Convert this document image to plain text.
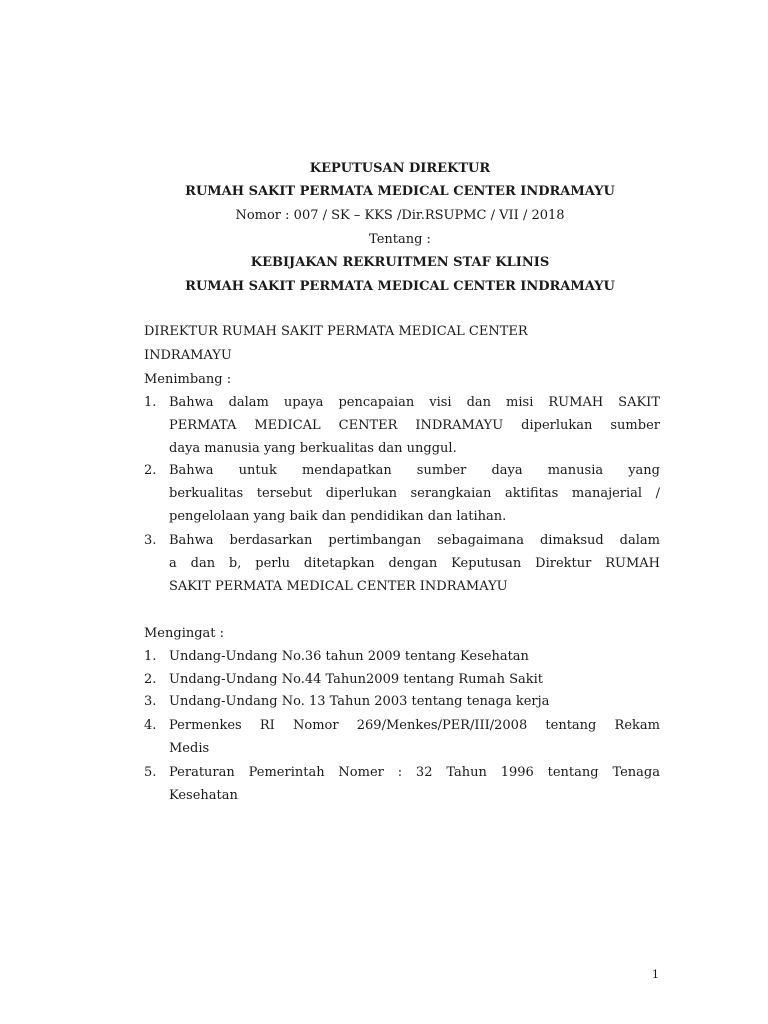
KEPUTUSAN DIREKTUR
RUMAH SAKIT PERMATA MEDICAL CENTER INDRAMAYU
Nomor : 007 / SK – KKS /Dir.RSUPMC / VII / 2018
Tentang :
KEBIJAKAN REKRUITMEN STAF KLINIS
RUMAH SAKIT PERMATA MEDICAL CENTER INDRAMAYU
DIREKTUR RUMAH SAKIT PERMATA MEDICAL CENTER
INDRAMAYU
Menimbang :
1. Bahwa dalam upaya pencapaian visi dan misi RUMAH SAKIT
PERMATA MEDICAL CENTER INDRAMAYU diperlukan sumber
daya manusia yang berkualitas dan unggul.
2. Bahwa untuk mendapatkan sumber daya manusia yang
berkualitas tersebut diperlukan serangkaian aktifitas manajerial /
pengelolaan yang baik dan pendidikan dan latihan.
3. Bahwa berdasarkan pertimbangan sebagaimana dimaksud dalam
a dan b, perlu ditetapkan dengan Keputusan Direktur RUMAH
SAKIT PERMATA MEDICAL CENTER INDRAMAYU
Mengingat :
1. Undang-Undang No.36 tahun 2009 tentang Kesehatan
2. Undang-Undang No.44 Tahun2009 tentang Rumah Sakit
3. Undang-Undang No. 13 Tahun 2003 tentang tenaga kerja
4. Permenkes RI Nomor 269/Menkes/PER/III/2008 tentang Rekam
Medis
5. Peraturan Pemerintah Nomer : 32 Tahun 1996 tentang Tenaga
Kesehatan
1
